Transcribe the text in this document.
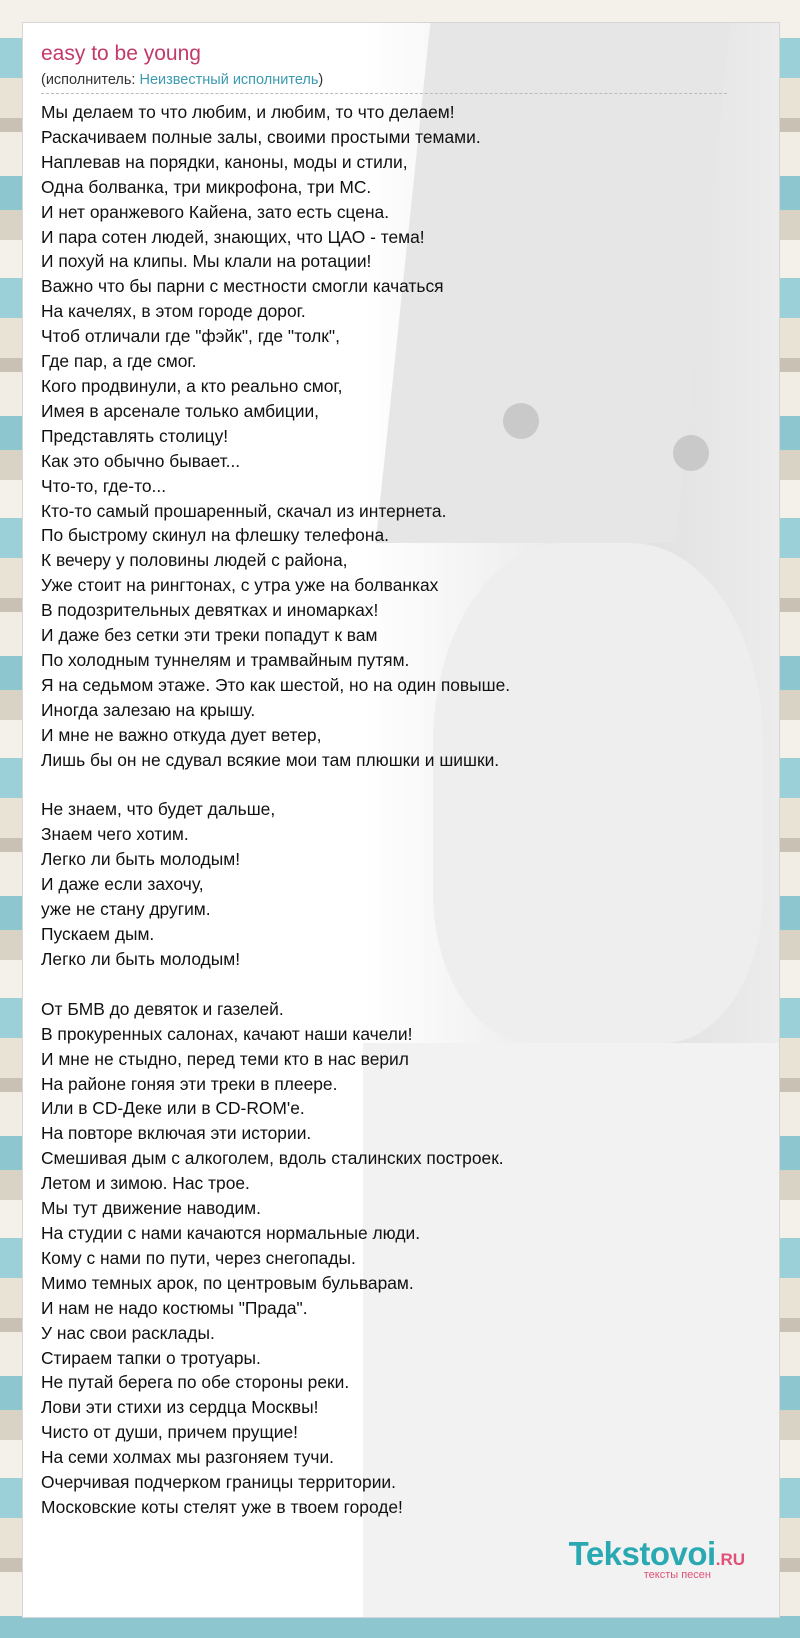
easy to be young
(исполнитель: Неизвестный исполнитель)
Мы делаем то что любим, и любим, то что делаем!
Раскачиваем полные залы, своими простыми темами.
Наплевав на порядки, каноны, моды и стили,
Одна болванка, три микрофона, три МС.
И нет оранжевого Кайена, зато есть сцена.
И пара сотен людей, знающих, что ЦАО - тема!
И похуй на клипы. Мы клали на ротации!
Важно что бы парни с местности смогли качаться
На качелях, в этом городе дорог.
Чтоб отличали где "фэйк", где "толк",
Где пар, а где смог.
Кого продвинули, а кто реально смог,
Имея в арсенале только амбиции,
Представлять столицу!
Как это обычно бывает...
Что-то, где-то...
Кто-то самый прошаренный, скачал из интернета.
По быстрому скинул на флешку телефона.
К вечеру у половины людей с района,
Уже стоит на рингтонах, с утра уже на болванках
В подозрительных девятках и иномарках!
И даже без сетки эти треки попадут к вам
По холодным туннелям и трамвайным путям.
Я на седьмом этаже. Это как шестой, но на один повыше.
Иногда залезаю на крышу.
И мне не важно откуда дует ветер,
Лишь бы он не сдувал всякие мои там плюшки и шишки.
Не знаем, что будет дальше,
Знаем чего хотим.
Легко ли быть молодым!
И даже если захочу,
уже не стану другим.
Пускаем дым.
Легко ли быть молодым!
От БМВ до девяток и газелей.
В прокуренных салонах, качают наши качели!
И мне не стыдно, перед теми кто в нас верил
На районе гоняя эти треки в плеере.
Или в CD-Деке или в CD-ROM'е.
На повторе включая эти истории.
Смешивая дым с алкоголем, вдоль сталинских построек.
Летом и зимою. Нас трое.
Мы тут движение наводим.
На студии с нами качаются нормальные люди.
Кому с нами по пути, через снегопады.
Мимо темных арок, по центровым бульварам.
И нам не надо костюмы "Прада".
У нас свои расклады.
Стираем тапки о тротуары.
Не путай берега по обе стороны реки.
Лови эти стихи из сердца Москвы!
Чисто от души, причем прущие!
На семи холмах мы разгоняем тучи.
Очерчивая подчерком границы территории.
Московские коты стелят уже в твоем городе!
Tekstovoi.RU
тексты песен
